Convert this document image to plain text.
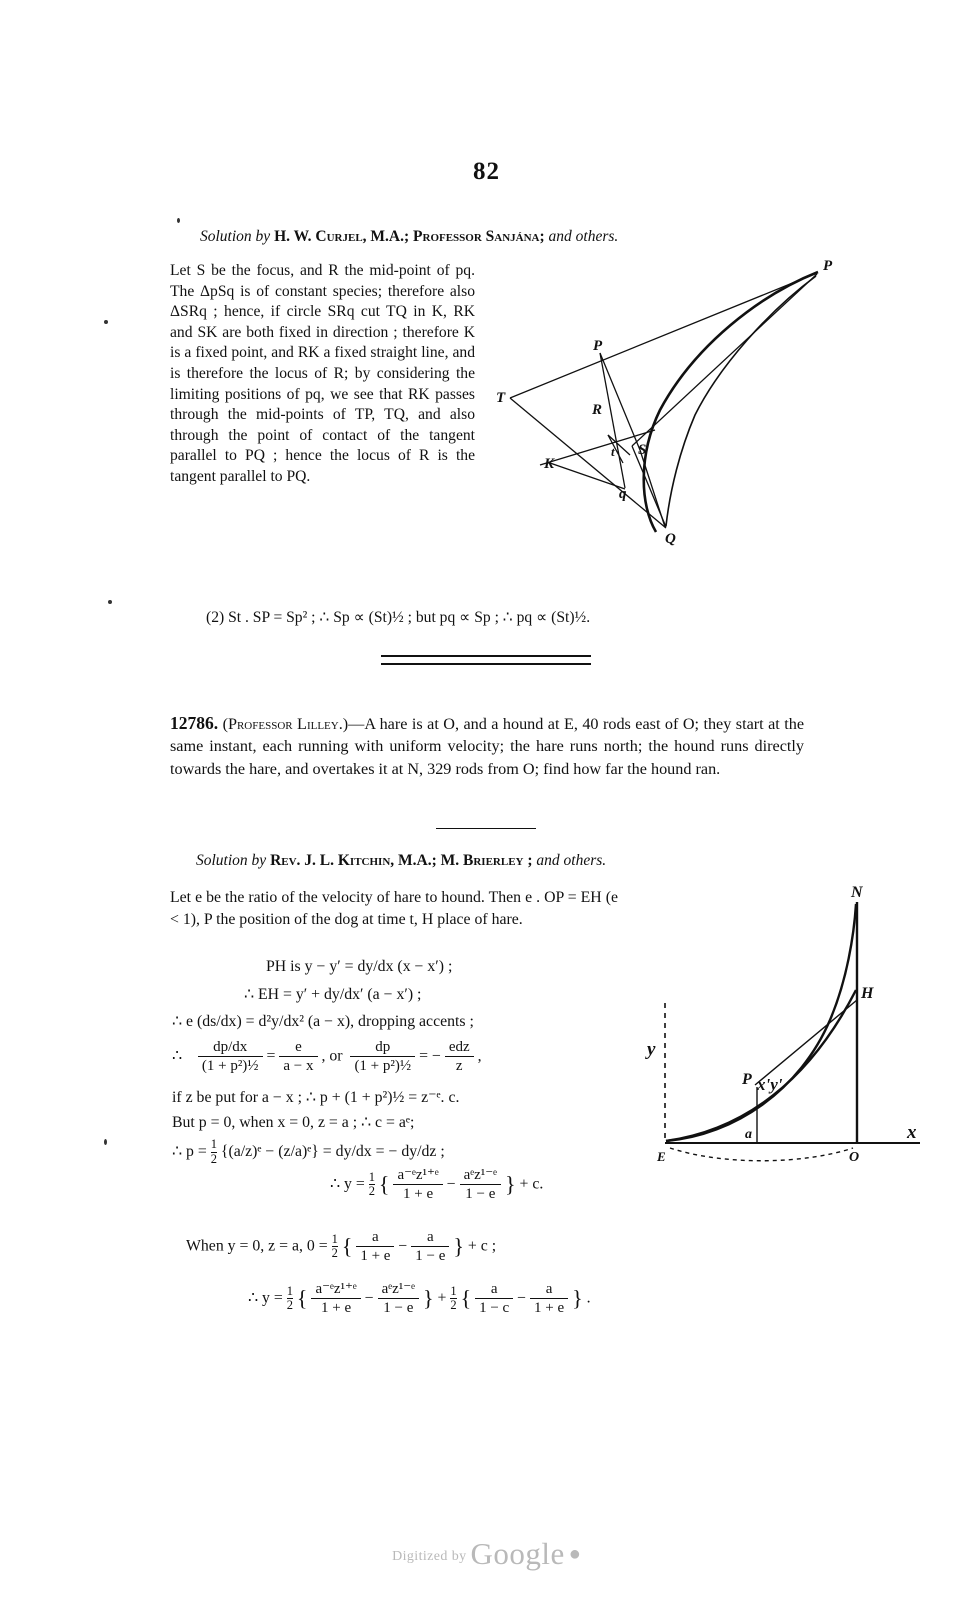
82
Solution by H. W. Curjel, M.A.; Professor Sanjána; and others.
Let S be the focus, and R the mid-point of pq. The ΔpSq is of constant species; therefore also ΔSRq ; hence, if circle SRq cut TQ in K, RK and SK are both fixed in direction ; therefore K is a fixed point, and RK a fixed straight line, and is therefore the locus of R; by considering the limiting positions of pq, we see that RK passes through the mid-points of TP, TQ, and also through the point of contact of the tangent parallel to PQ ; hence the locus of R is the tangent parallel to PQ.
(2) St . SP = Sp² ; ∴ Sp ∝ (St)½ ; but pq ∝ Sp ; ∴ pq ∝ (St)½.
12786. (Professor Lilley.)—A hare is at O, and a hound at E, 40 rods east of O; they start at the same instant, each running with uniform velocity; the hare runs north; the hound runs directly towards the hare, and overtakes it at N, 329 rods from O; find how far the hound ran.
Solution by Rev. J. L. Kitchin, M.A.; M. Brierley ; and others.
Let e be the ratio of the velocity of hare to hound. Then e . OP = EH (e < 1), P the position of the dog at time t, H place of hare.
PH is y − y′ = dy/dx (x − x′) ;
∴ EH = y′ + dy/dx′ (a − x′) ;
∴ e (ds/dx) = d²y/dx² (a − x), dropping accents ;
∴ $\frac{dp/dx}{\text{(1 + p²)½}} = \frac{e}{a - x}$ , or $\frac{dp}{\text{(1 + p²)½}}$ = − $\frac{\text{edz}}{z}$ ,
if z be put for a − x ; ∴ p + (1 + p²)½ = z⁻ᵉ. c.
But p = 0, when x = 0, z = a ; ∴ c = aᵉ;
∴ $p = \frac{1}{2}$ {(a/z)ᵉ − (z/a)ᵉ} = dy/dx = − dy/dz ;
∴ $y = \frac{1}{2}$ { $\frac{\text{a⁻ᵉz¹⁺ᵉ}}{1 + e} - \frac{\text{aᵉz¹⁻ᵉ}}{1 - e}$ } + c.
When y = 0, z = a, $0 = \frac{1}{2}$ { $\frac{a}{1 + e} - \frac{a}{1 - e}$ } + c ;
∴ $y = \frac{1}{2}$ { $\frac{\text{a⁻ᵉz¹⁺ᵉ}}{1 + e} - \frac{\text{aᵉz¹⁻ᵉ}}{1 - e}$ } + $\frac{1}{2}$ { $\frac{a}{1 - c} - \frac{a}{1 + e}$ } .
P
P
T
R
S
K
t
q
Q
N
H
y
P x'y'
E
a
O
x
Digitized by Google ●
